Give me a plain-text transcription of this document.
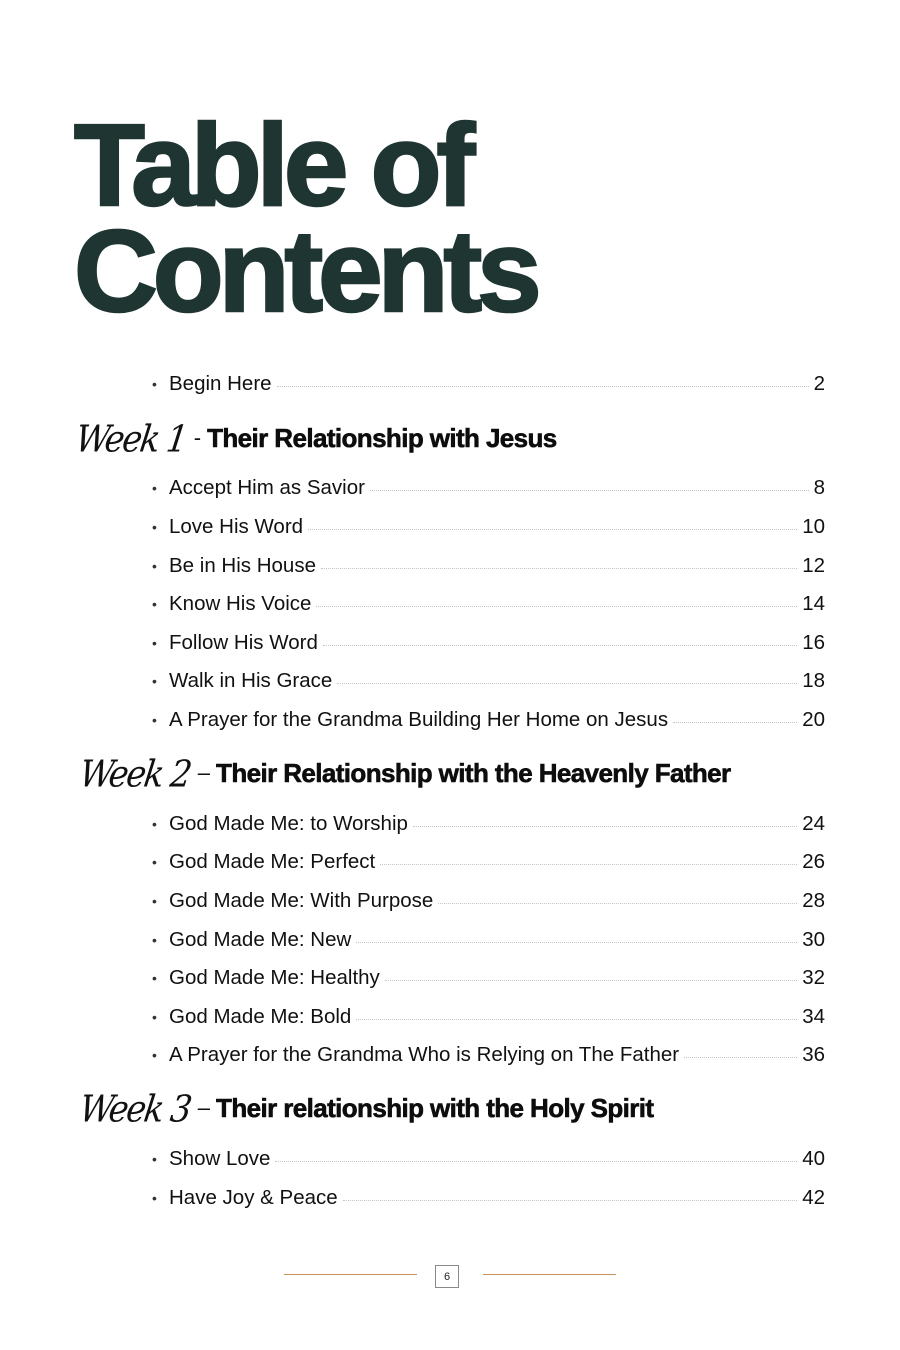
Table of
Contents
• Begin Here	2
Week 1 - Their Relationship with Jesus
• Accept Him as Savior	8
• Love His Word	10
• Be in His House	12
• Know His Voice	14
• Follow His Word	16
• Walk in His Grace	18
• A Prayer for the Grandma Building Her Home on Jesus	20
Week 2 – Their Relationship with the Heavenly Father
• God Made Me: to Worship	24
• God Made Me: Perfect	26
• God Made Me: With Purpose	28
• God Made Me: New	30
• God Made Me: Healthy	32
• God Made Me: Bold	34
• A Prayer for the Grandma Who is Relying on The Father	36
Week 3 – Their relationship with the Holy Spirit
• Show Love	40
• Have Joy & Peace	42
6
